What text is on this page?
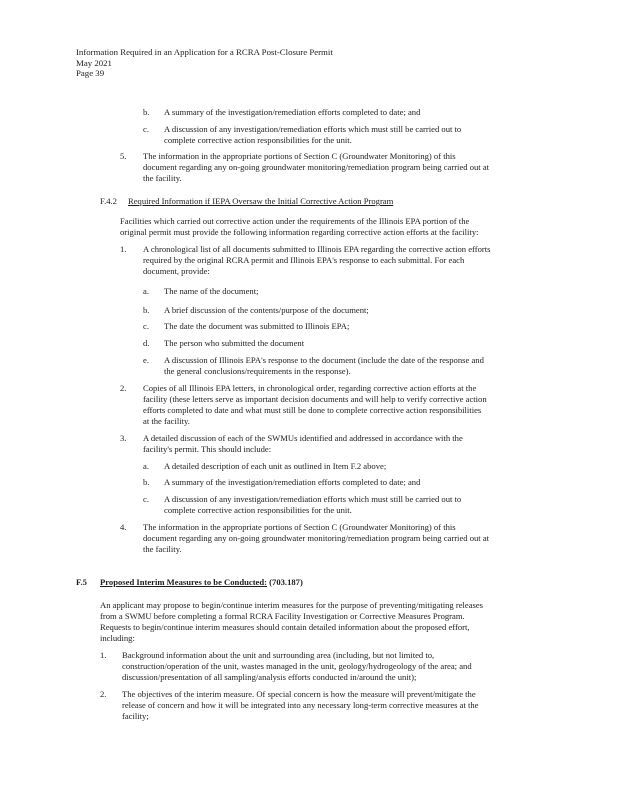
Information Required in an Application for a RCRA Post-Closure Permit
May 2021
Page 39
b. A summary of the investigation/remediation efforts completed to date; and
c. A discussion of any investigation/remediation efforts which must still be carried out to
complete corrective action responsibilities for the unit.
5. The information in the appropriate portions of Section C (Groundwater Monitoring) of this
document regarding any on-going groundwater monitoring/remediation program being carried out at
the facility.
F.4.2 Required Information if IEPA Oversaw the Initial Corrective Action Program
Facilities which carried out corrective action under the requirements of the Illinois EPA portion of the
original permit must provide the following information regarding corrective action efforts at the facility:
1. A chronological list of all documents submitted to Illinois EPA regarding the corrective action efforts
required by the original RCRA permit and Illinois EPA's response to each submittal. For each
document, provide:
a. The name of the document;
b. A brief discussion of the contents/purpose of the document;
c. The date the document was submitted to Illinois EPA;
d. The person who submitted the document
e. A discussion of Illinois EPA's response to the document (include the date of the response and
the general conclusions/requirements in the response).
2. Copies of all Illinois EPA letters, in chronological order, regarding corrective action efforts at the
facility (these letters serve as important decision documents and will help to verify corrective action
efforts completed to date and what must still be done to complete corrective action responsibilities
at the facility.
3. A detailed discussion of each of the SWMUs identified and addressed in accordance with the
facility's permit. This should include:
a. A detailed description of each unit as outlined in Item F.2 above;
b. A summary of the investigation/remediation efforts completed to date; and
c. A discussion of any investigation/remediation efforts which must still be carried out to
complete corrective action responsibilities for the unit.
4. The information in the appropriate portions of Section C (Groundwater Monitoring) of this
document regarding any on-going groundwater monitoring/remediation program being carried out at
the facility.
F.5 Proposed Interim Measures to be Conducted: (703.187)
An applicant may propose to begin/continue interim measures for the purpose of preventing/mitigating releases
from a SWMU before completing a formal RCRA Facility Investigation or Corrective Measures Program.
Requests to begin/continue interim measures should contain detailed information about the proposed effort,
including:
1. Background information about the unit and surrounding area (including, but not limited to,
construction/operation of the unit, wastes managed in the unit, geology/hydrogeology of the area; and
discussion/presentation of all sampling/analysis efforts conducted in/around the unit);
2. The objectives of the interim measure. Of special concern is how the measure will prevent/mitigate the
release of concern and how it will be integrated into any necessary long-term corrective measures at the
facility;
